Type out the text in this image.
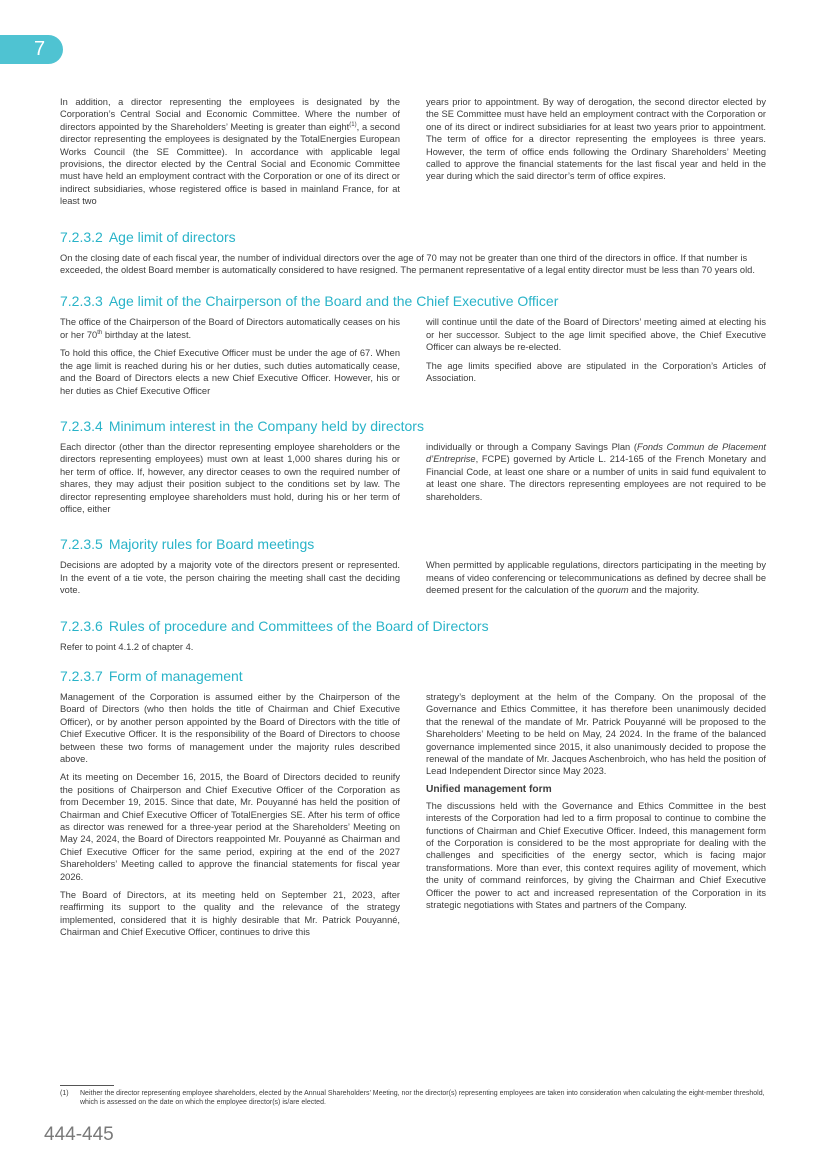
7

In addition, a director representing the employees is designated by the Corporation’s Central Social and Economic Committee. Where the number of directors appointed by the Shareholders’ Meeting is greater than eight$^{(1)}$, a second director representing the employees is designated by the TotalEnergies European Works Council (the SE Committee). In accordance with applicable legal provisions, the director elected by the Central Social and Economic Committee must have held an employment contract with the Corporation or one of its direct or indirect subsidiaries, whose registered office is based in mainland France, for at least two

years prior to appointment. By way of derogation, the second director elected by the SE Committee must have held an employment contract with the Corporation or one of its direct or indirect subsidiaries for at least two years prior to appointment. The term of office for a director representing the employees is three years. However, the term of office ends following the Ordinary Shareholders’ Meeting called to approve the financial statements for the last fiscal year and held in the year during which the said director’s term of office expires.

7.2.3.2 Age limit of directors

On the closing date of each fiscal year, the number of individual directors over the age of 70 may not be greater than one third of the directors in office. If that number is exceeded, the oldest Board member is automatically considered to have resigned. The permanent representative of a legal entity director must be less than 70 years old.

7.2.3.3 Age limit of the Chairperson of the Board and the Chief Executive Officer

The office of the Chairperson of the Board of Directors automatically ceases on his or her 70th birthday at the latest.

To hold this office, the Chief Executive Officer must be under the age of 67. When the age limit is reached during his or her duties, such duties automatically cease, and the Board of Directors elects a new Chief Executive Officer. However, his or her duties as Chief Executive Officer

will continue until the date of the Board of Directors’ meeting aimed at electing his or her successor. Subject to the age limit specified above, the Chief Executive Officer can always be re-elected.

The age limits specified above are stipulated in the Corporation’s Articles of Association.

7.2.3.4 Minimum interest in the Company held by directors

Each director (other than the director representing employee shareholders or the directors representing employees) must own at least 1,000 shares during his or her term of office. If, however, any director ceases to own the required number of shares, they may adjust their position subject to the conditions set by law. The director representing employee shareholders must hold, during his or her term of office, either

individually or through a Company Savings Plan (Fonds Commun de Placement d’Entreprise, FCPE) governed by Article L. 214-165 of the French Monetary and Financial Code, at least one share or a number of units in said fund equivalent to at least one share. The directors representing employees are not required to be shareholders.

7.2.3.5 Majority rules for Board meetings

Decisions are adopted by a majority vote of the directors present or represented. In the event of a tie vote, the person chairing the meeting shall cast the deciding vote.

When permitted by applicable regulations, directors participating in the meeting by means of video conferencing or telecommunications as defined by decree shall be deemed present for the calculation of the quorum and the majority.

7.2.3.6 Rules of procedure and Committees of the Board of Directors

Refer to point 4.1.2 of chapter 4.

7.2.3.7 Form of management

Management of the Corporation is assumed either by the Chairperson of the Board of Directors (who then holds the title of Chairman and Chief Executive Officer), or by another person appointed by the Board of Directors with the title of Chief Executive Officer. It is the responsibility of the Board of Directors to choose between these two forms of management under the majority rules described above.

At its meeting on December 16, 2015, the Board of Directors decided to reunify the positions of Chairperson and Chief Executive Officer of the Corporation as from December 19, 2015. Since that date, Mr. Pouyanné has held the position of Chairman and Chief Executive Officer of TotalEnergies SE. After his term of office as director was renewed for a three-year period at the Shareholders’ Meeting on May 24, 2024, the Board of Directors reappointed Mr. Pouyanné as Chairman and Chief Executive Officer for the same period, expiring at the end of the 2027 Shareholders’ Meeting called to approve the financial statements for fiscal year 2026.

The Board of Directors, at its meeting held on September 21, 2023, after reaffirming its support to the quality and the relevance of the strategy implemented, considered that it is highly desirable that Mr. Patrick Pouyanné, Chairman and Chief Executive Officer, continues to drive this

strategy’s deployment at the helm of the Company. On the proposal of the Governance and Ethics Committee, it has therefore been unanimously decided that the renewal of the mandate of Mr. Patrick Pouyanné will be proposed to the Shareholders’ Meeting to be held on May, 24 2024. In the frame of the balanced governance implemented since 2015, it also unanimously decided to propose the renewal of the mandate of Mr. Jacques Aschenbroich, who has held the position of Lead Independent Director since May 2023.

Unified management form

The discussions held with the Governance and Ethics Committee in the best interests of the Corporation had led to a firm proposal to continue to combine the functions of Chairman and Chief Executive Officer. Indeed, this management form of the Corporation is considered to be the most appropriate for dealing with the challenges and specificities of the energy sector, which is facing major transformations. More than ever, this context requires agility of movement, which the unity of command reinforces, by giving the Chairman and Chief Executive Officer the power to act and increased representation of the Corporation in its strategic negotiations with States and partners of the Company.

(1)	Neither the director representing employee shareholders, elected by the Annual Shareholders’ Meeting, nor the director(s) representing employees are taken into consideration when calculating the eight-member threshold, which is assessed on the date on which the employee director(s) is/are elected.
444-445
